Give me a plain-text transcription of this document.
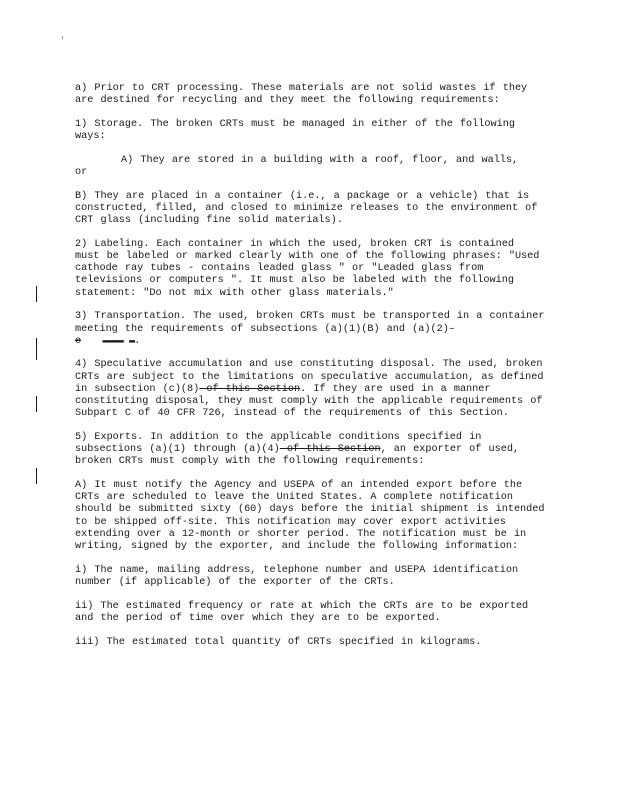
a) Prior to CRT processing. These materials are not solid wastes if they are destined for recycling and they meet the following requirements:

1) Storage. The broken CRTs must be managed in either of the following ways:

A) They are stored in a building with a roof, floor, and walls,

or

B) They are placed in a container (i.e., a package or a vehicle) that is constructed, filled, and closed to minimize releases to the environment of CRT glass (including fine solid materials).

2) Labeling. Each container in which the used, broken CRT is contained must be labeled or marked clearly with one of the following phrases: "Used cathode ray tubes - contains leaded glass " or "Leaded glass from televisions or computers ". It must also be labeled with the following statement: "Do not mix with other glass materials."

3) Transportation. The used, broken CRTs must be transported in a container meeting the requirements of subsections (a)(1)(B) and (a)(2)–
e ▬▬▬▬ ▬.

4) Speculative accumulation and use constituting disposal. The used, broken CRTs are subject to the limitations on speculative accumulation, as defined in subsection (c)(8) of this Section. If they are used in a manner constituting disposal, they must comply with the applicable requirements of Subpart C of 40 CFR 726, instead of the requirements of this Section.

5) Exports. In addition to the applicable conditions specified in subsections (a)(1) through (a)(4) of this Section, an exporter of used, broken CRTs must comply with the following requirements:

A) It must notify the Agency and USEPA of an intended export before the CRTs are scheduled to leave the United States. A complete notification should be submitted sixty (60) days before the initial shipment is intended to be shipped off-site. This notification may cover export activities extending over a 12-month or shorter period. The notification must be in writing, signed by the exporter, and include the following information:

i) The name, mailing address, telephone number and USEPA identification number (if applicable) of the exporter of the CRTs.

ii) The estimated frequency or rate at which the CRTs are to be exported and the period of time over which they are to be exported.

iii) The estimated total quantity of CRTs specified in kilograms.
